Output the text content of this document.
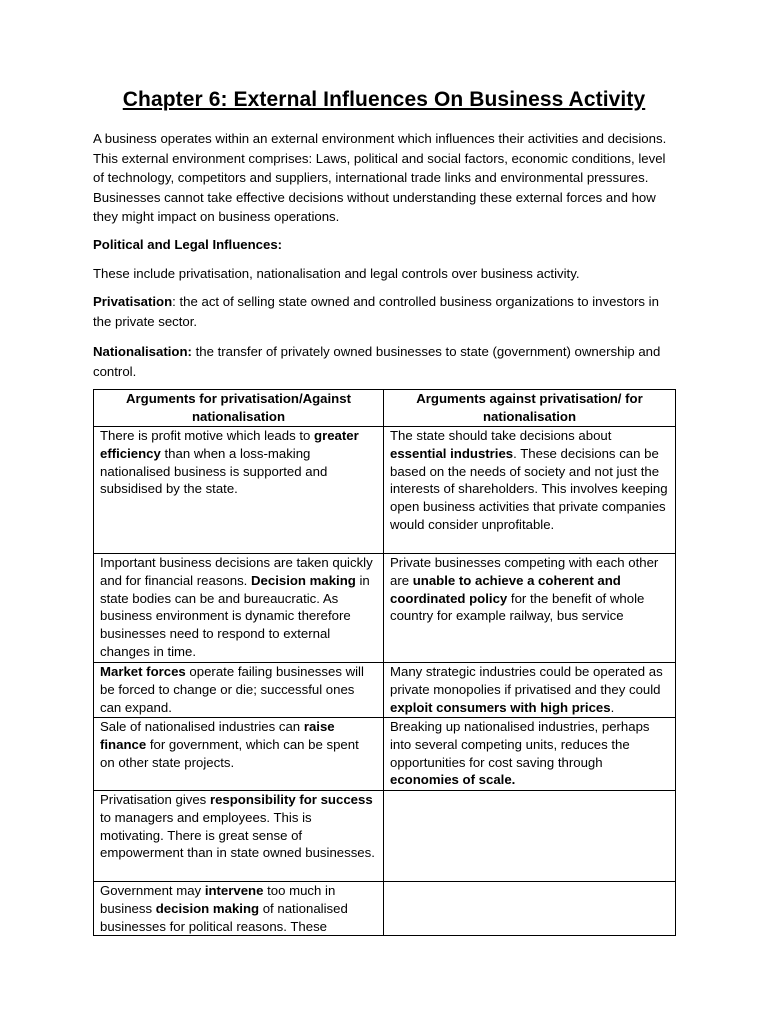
Chapter 6: External Influences On Business Activity

A business operates within an external environment which influences their activities and decisions. This external environment comprises: Laws, political and social factors, economic conditions, level of technology, competitors and suppliers, international trade links and environmental pressures. Businesses cannot take effective decisions without understanding these external forces and how they might impact on business operations.

Political and Legal Influences:

These include privatisation, nationalisation and legal controls over business activity.

Privatisation: the act of selling state owned and controlled business organizations to investors in the private sector.

Nationalisation: the transfer of privately owned businesses to state (government) ownership and control.

Arguments for privatisation/Against nationalisation	Arguments against privatisation/ for nationalisation
There is profit motive which leads to greater efficiency than when a loss-making nationalised business is supported and subsidised by the state.	The state should take decisions about essential industries. These decisions can be based on the needs of society and not just the interests of shareholders. This involves keeping open business activities that private companies would consider unprofitable.
Important business decisions are taken quickly and for financial reasons. Decision making in state bodies can be and bureaucratic. As business environment is dynamic therefore businesses need to respond to external changes in time.	Private businesses competing with each other are unable to achieve a coherent and coordinated policy for the benefit of whole country for example railway, bus service
Market forces operate failing businesses will be forced to change or die; successful ones can expand.	Many strategic industries could be operated as private monopolies if privatised and they could exploit consumers with high prices.
Sale of nationalised industries can raise finance for government, which can be spent on other state projects.	Breaking up nationalised industries, perhaps into several competing units, reduces the opportunities for cost saving through economies of scale.
Privatisation gives responsibility for success to managers and employees. This is motivating. There is great sense of empowerment than in state owned businesses.	
Government may intervene too much in business decision making of nationalised businesses for political reasons. These	
